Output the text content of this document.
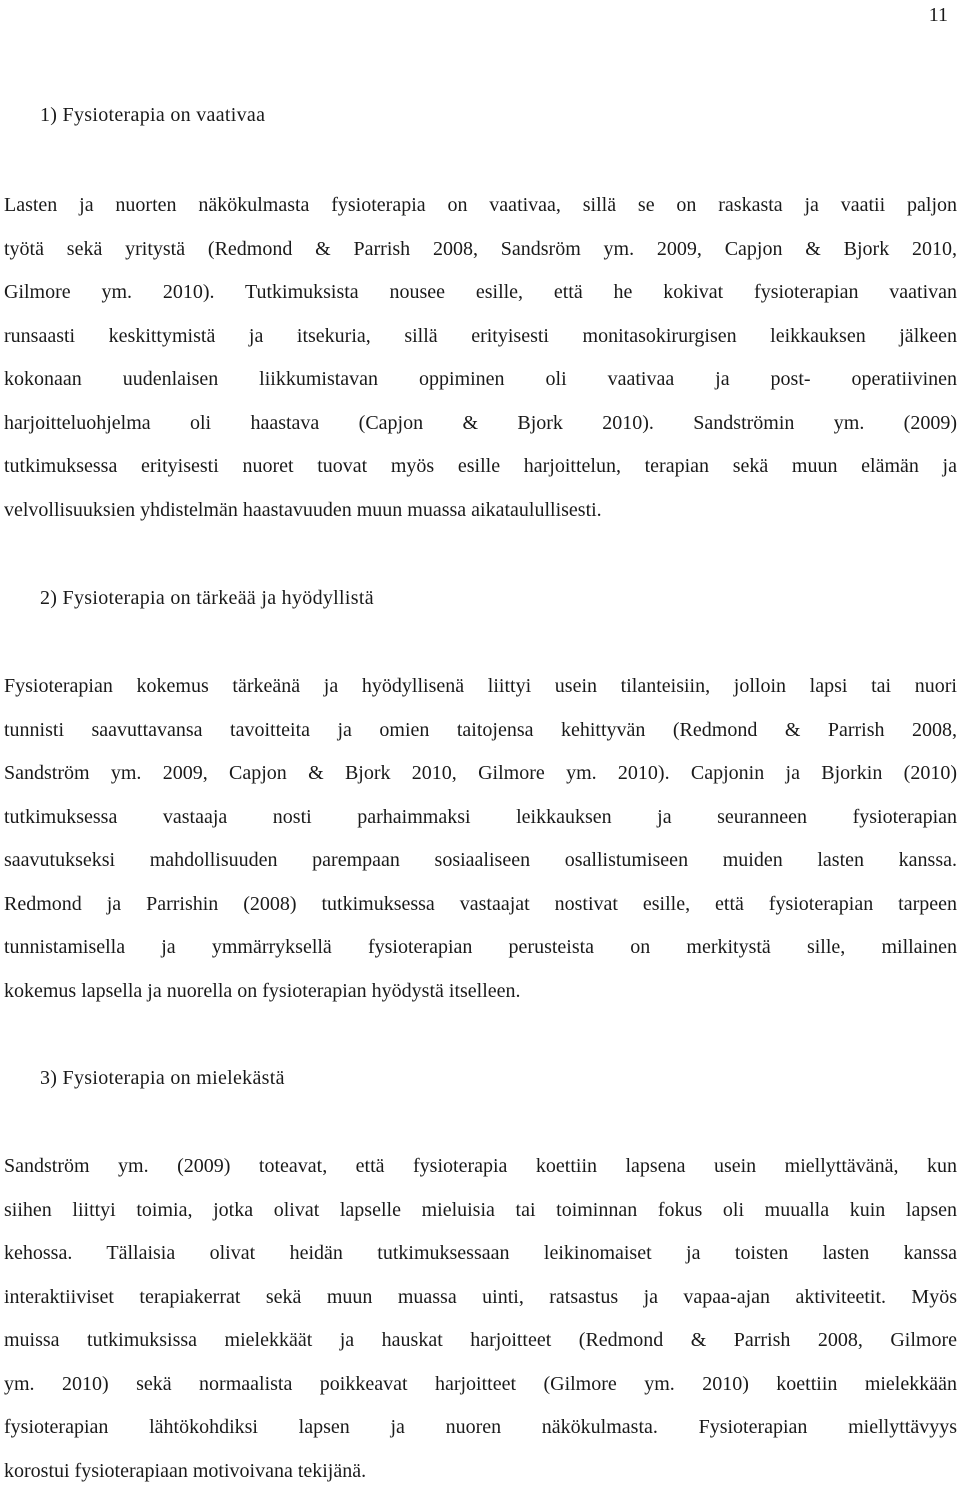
11
1) Fysioterapia on vaativaa

Lasten ja nuorten näkökulmasta fysioterapia on vaativaa, sillä se on raskasta ja vaatii paljon
työtä sekä yritystä (Redmond & Parrish 2008, Sandsröm ym. 2009, Capjon & Bjork 2010,
Gilmore ym. 2010). Tutkimuksista nousee esille, että he kokivat fysioterapian vaativan
runsaasti keskittymistä ja itsekuria, sillä erityisesti monitasokirurgisen leikkauksen jälkeen
kokonaan uudenlaisen liikkumistavan oppiminen oli vaativaa ja post- operatiivinen
harjoitteluohjelma oli haastava (Capjon & Bjork 2010). Sandströmin ym. (2009)
tutkimuksessa erityisesti nuoret tuovat myös esille harjoittelun, terapian sekä muun elämän ja
velvollisuuksien yhdistelmän haastavuuden muun muassa aikataulullisesti.

2) Fysioterapia on tärkeää ja hyödyllistä

Fysioterapian kokemus tärkeänä ja hyödyllisenä liittyi usein tilanteisiin, jolloin lapsi tai nuori
tunnisti saavuttavansa tavoitteita ja omien taitojensa kehittyvän (Redmond & Parrish 2008,
Sandström ym. 2009, Capjon & Bjork 2010, Gilmore ym. 2010). Capjonin ja Bjorkin (2010)
tutkimuksessa vastaaja nosti parhaimmaksi leikkauksen ja seuranneen fysioterapian
saavutukseksi mahdollisuuden parempaan sosiaaliseen osallistumiseen muiden lasten kanssa.
Redmond ja Parrishin (2008) tutkimuksessa vastaajat nostivat esille, että fysioterapian tarpeen
tunnistamisella ja ymmärryksellä fysioterapian perusteista on merkitystä sille, millainen
kokemus lapsella ja nuorella on fysioterapian hyödystä itselleen.

3) Fysioterapia on mielekästä

Sandström ym. (2009) toteavat, että fysioterapia koettiin lapsena usein miellyttävänä, kun
siihen liittyi toimia, jotka olivat lapselle mieluisia tai toiminnan fokus oli muualla kuin lapsen
kehossa. Tällaisia olivat heidän tutkimuksessaan leikinomaiset ja toisten lasten kanssa
interaktiiviset terapiakerrat sekä muun muassa uinti, ratsastus ja vapaa-ajan aktiviteetit. Myös
muissa tutkimuksissa mielekkäät ja hauskat harjoitteet (Redmond & Parrish 2008, Gilmore
ym. 2010) sekä normaalista poikkeavat harjoitteet (Gilmore ym. 2010) koettiin mielekkään
fysioterapian lähtökohdiksi lapsen ja nuoren näkökulmasta. Fysioterapian miellyttävyys
korostui fysioterapiaan motivoivana tekijänä.
